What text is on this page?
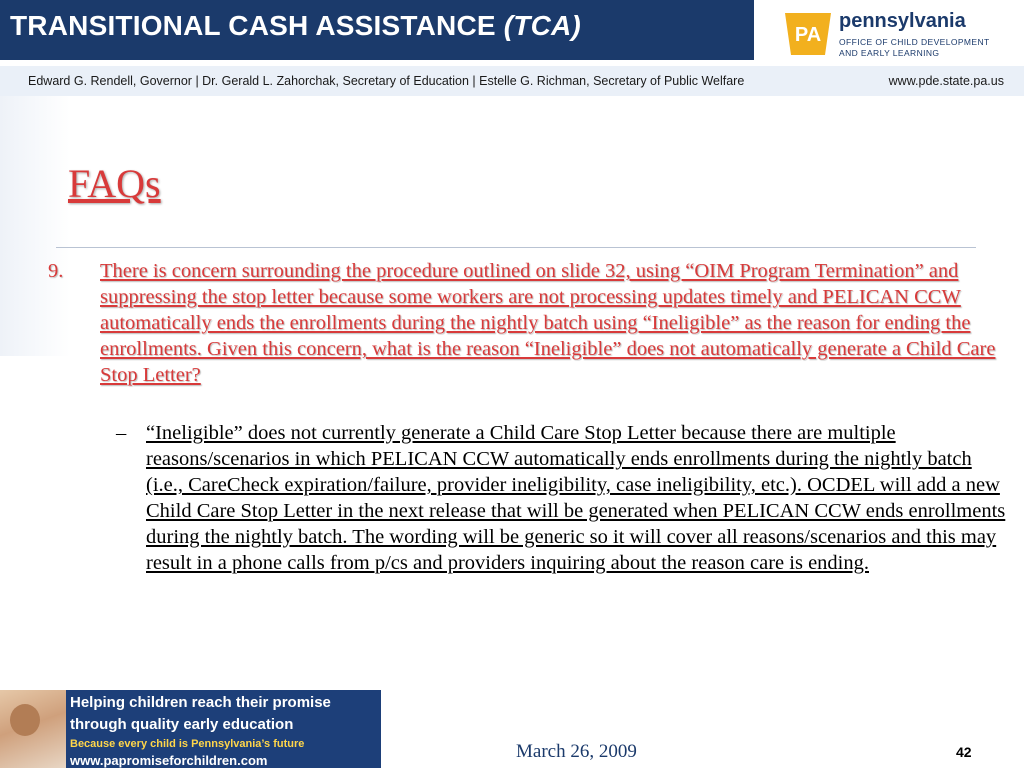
TRANSITIONAL CASH ASSISTANCE (TCA)	PA
pennsylvania
OFFICE OF CHILD DEVELOPMENT
AND EARLY LEARNING
Edward G. Rendell, Governor | Dr. Gerald L. Zahorchak, Secretary of Education | Estelle G. Richman, Secretary of Public Welfare	www.pde.state.pa.us
FAQs
9.	There is concern surrounding the procedure outlined on slide 32, using “OIM Program Termination” and suppressing the stop letter because some workers are not processing updates timely and PELICAN CCW automatically ends the enrollments during the nightly batch using “Ineligible” as the reason for ending the enrollments. Given this concern, what is the reason “Ineligible” does not automatically generate a Child Care Stop Letter?
– “Ineligible” does not currently generate a Child Care Stop Letter because there are multiple reasons/scenarios in which PELICAN CCW automatically ends enrollments during the nightly batch (i.e., CareCheck expiration/failure, provider ineligibility, case ineligibility, etc.). OCDEL will add a new Child Care Stop Letter in the next release that will be generated when PELICAN CCW ends enrollments during the nightly batch. The wording will be generic so it will cover all reasons/scenarios and this may result in a phone calls from p/cs and providers inquiring about the reason care is ending.
Helping children reach their promise
through quality early education
Because every child is Pennsylvania’s future
www.papromiseforchildren.com	March 26, 2009	42
